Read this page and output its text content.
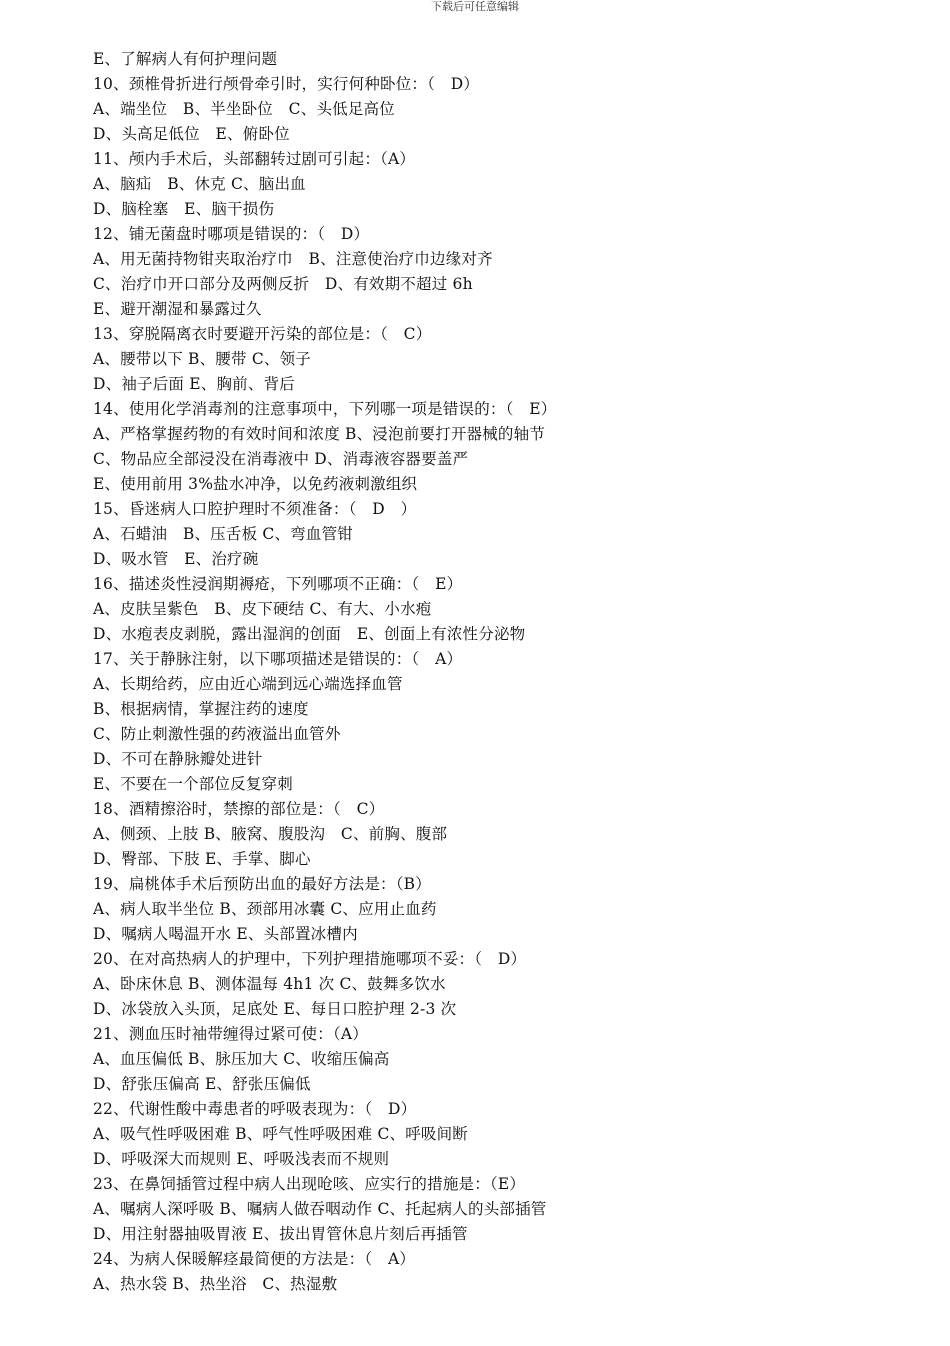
下载后可任意编辑
E、了解病人有何护理问题
10、颈椎骨折进行颅骨牵引时，实行何种卧位：（　D）
A、端坐位　B、半坐卧位　C、头低足高位
D、头高足低位　E、俯卧位
11、颅内手术后，头部翻转过剧可引起：（A）
A、脑疝　B、休克 C、脑出血
D、脑栓塞　E、脑干损伤
12、铺无菌盘时哪项是错误的：（　D）
A、用无菌持物钳夹取治疗巾　B、注意使治疗巾边缘对齐
C、治疗巾开口部分及两侧反折　D、有效期不超过 6h
E、避开潮湿和暴露过久
13、穿脱隔离衣时要避开污染的部位是：（　C）
A、腰带以下 B、腰带 C、领子
D、袖子后面 E、胸前、背后
14、使用化学消毒剂的注意事项中，下列哪一项是错误的：（　E）
A、严格掌握药物的有效时间和浓度 B、浸泡前要打开器械的轴节
C、物品应全部浸没在消毒液中 D、消毒液容器要盖严
E、使用前用 3%盐水冲净，以免药液刺激组织
15、昏迷病人口腔护理时不须准备：（　D　）
A、石蜡油　B、压舌板 C、弯血管钳
D、吸水管　E、治疗碗
16、描述炎性浸润期褥疮，下列哪项不正确：（　E）
A、皮肤呈紫色　B、皮下硬结 C、有大、小水疱
D、水疱表皮剥脱，露出湿润的创面　E、创面上有浓性分泌物
17、关于静脉注射，以下哪项描述是错误的：（　A）
A、长期给药，应由近心端到远心端选择血管
B、根据病情，掌握注药的速度
C、防止刺激性强的药液溢出血管外
D、不可在静脉瓣处进针
E、不要在一个部位反复穿刺
18、酒精擦浴时，禁擦的部位是：（　C）
A、侧颈、上肢 B、腋窝、腹股沟　C、前胸、腹部
D、臀部、下肢 E、手掌、脚心
19、扁桃体手术后预防出血的最好方法是：（B）
A、病人取半坐位 B、颈部用冰囊 C、应用止血药
D、嘱病人喝温开水 E、头部置冰槽内
20、在对高热病人的护理中，下列护理措施哪项不妥：（　D）
A、卧床休息 B、测体温每 4h1 次 C、鼓舞多饮水
D、冰袋放入头顶，足底处 E、每日口腔护理 2-3 次
21、测血压时袖带缠得过紧可使：（A）
A、血压偏低 B、脉压加大 C、收缩压偏高
D、舒张压偏高 E、舒张压偏低
22、代谢性酸中毒患者的呼吸表现为：（　D）
A、吸气性呼吸困难 B、呼气性呼吸困难 C、呼吸间断
D、呼吸深大而规则 E、呼吸浅表而不规则
23、在鼻饲插管过程中病人出现呛咳、应实行的措施是：（E）
A、嘱病人深呼吸 B、嘱病人做吞咽动作 C、托起病人的头部插管
D、用注射器抽吸胃液 E、拔出胃管休息片刻后再插管
24、为病人保暖解痉最简便的方法是：（　A）
A、热水袋 B、热坐浴　C、热湿敷
